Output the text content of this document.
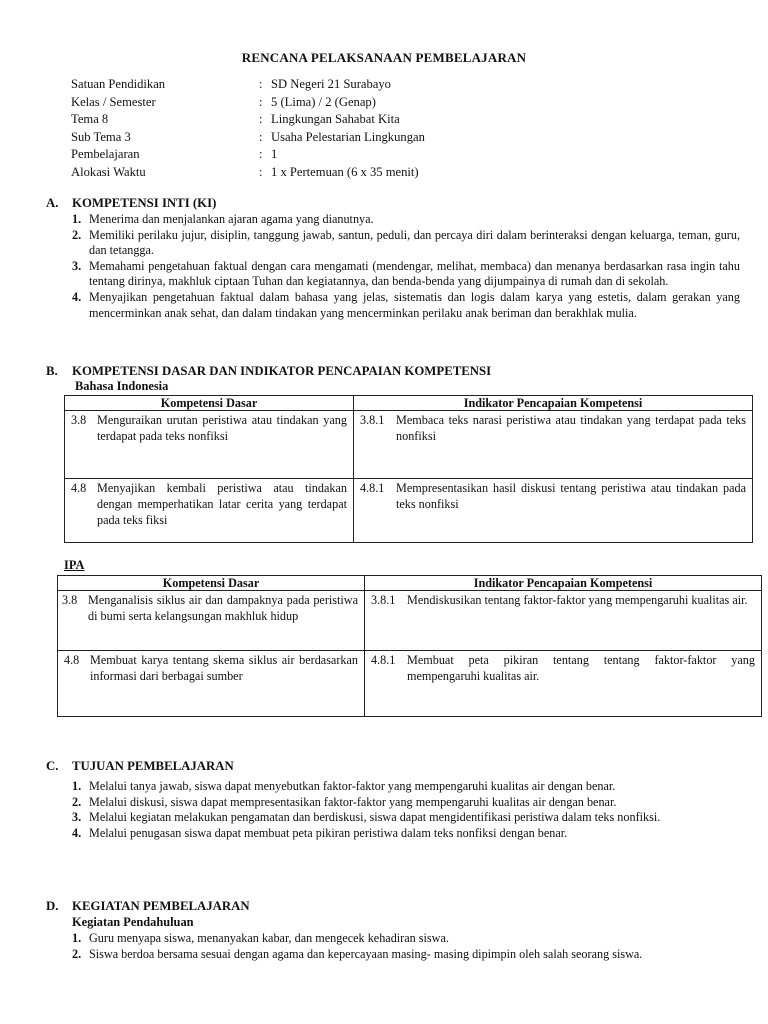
RENCANA PELAKSANAAN PEMBELAJARAN
Satuan Pendidikan	: SD Negeri 21 Surabayo
Kelas / Semester	: 5 (Lima) / 2 (Genap)
Tema 8	: Lingkungan Sahabat Kita
Sub Tema 3	: Usaha Pelestarian Lingkungan
Pembelajaran	: 1
Alokasi Waktu	: 1 x Pertemuan (6 x 35 menit)
A.	KOMPETENSI INTI (KI)
1. Menerima dan menjalankan ajaran agama yang dianutnya.
2. Memiliki perilaku jujur, disiplin, tanggung jawab, santun, peduli, dan percaya diri dalam berinteraksi dengan keluarga, teman, guru, dan tetangga.
3. Memahami pengetahuan faktual dengan cara mengamati (mendengar, melihat, membaca) dan menanya berdasarkan rasa ingin tahu tentang dirinya, makhluk ciptaan Tuhan dan kegiatannya, dan benda-benda yang dijumpainya di rumah dan di sekolah.
4. Menyajikan pengetahuan faktual dalam bahasa yang jelas, sistematis dan logis dalam karya yang estetis, dalam gerakan yang mencerminkan anak sehat, dan dalam tindakan yang mencerminkan perilaku anak beriman dan berakhlak mulia.
B.	KOMPETENSI DASAR DAN INDIKATOR PENCAPAIAN KOMPETENSI
Bahasa Indonesia
Kompetensi Dasar	Indikator Pencapaian Kompetensi

3.8 Menguraikan urutan peristiwa atau tindakan yang terdapat pada teks nonfiksi	3.8.1 Membaca teks narasi peristiwa atau tindakan yang terdapat pada teks nonfiksi

4.8 Menyajikan kembali peristiwa atau tindakan dengan memperhatikan latar cerita yang terdapat pada teks fiksi	4.8.1 Mempresentasikan hasil diskusi tentang peristiwa atau tindakan pada teks nonfiksi
IPA
Kompetensi Dasar	Indikator Pencapaian Kompetensi

3.8 Menganalisis siklus air dan dampaknya pada peristiwa di bumi serta kelangsungan makhluk hidup	3.8.1 Mendiskusikan tentang faktor-faktor yang mempengaruhi kualitas air.

4.8 Membuat karya tentang skema siklus air berdasarkan informasi dari berbagai sumber	4.8.1 Membuat peta pikiran tentang tentang faktor-faktor yang mempengaruhi kualitas air.
C.	TUJUAN PEMBELAJARAN
1. Melalui tanya jawab, siswa dapat menyebutkan faktor-faktor yang mempengaruhi kualitas air dengan benar.
2. Melalui diskusi, siswa dapat mempresentasikan faktor-faktor yang mempengaruhi kualitas air dengan benar.
3. Melalui kegiatan melakukan pengamatan dan berdiskusi, siswa dapat mengidentifikasi peristiwa dalam teks nonfiksi.
4. Melalui penugasan siswa dapat membuat peta pikiran peristiwa dalam teks nonfiksi dengan benar.
D.	KEGIATAN PEMBELAJARAN
Kegiatan Pendahuluan
1. Guru menyapa siswa, menanyakan kabar, dan mengecek kehadiran siswa.
2. Siswa berdoa bersama sesuai dengan agama dan kepercayaan masing- masing dipimpin oleh salah seorang siswa.
